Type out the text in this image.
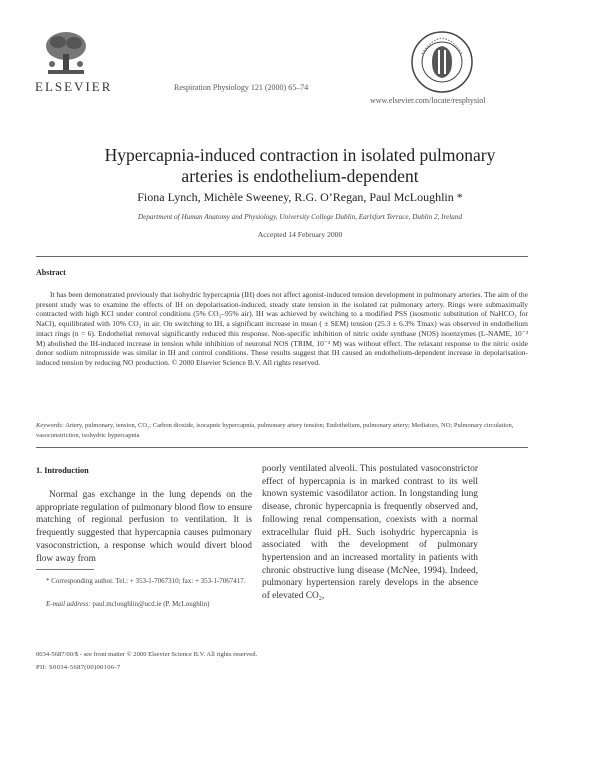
ELSEVIER	Respiration Physiology 121 (2000) 65–74
www.elsevier.com/locate/resphysiol
Hypercapnia-induced contraction in isolated pulmonary
arteries is endothelium-dependent
Fiona Lynch, Michèle Sweeney, R.G. O’Regan, Paul McLoughlin *
Department of Human Anatomy and Physiology, University College Dublin, Earlsfort Terrace, Dublin 2, Ireland
Accepted 14 February 2000
Abstract

It has been demonstrated previously that isohydric hypercapnia (IH) does not affect agonist-induced tension development in pulmonary arteries. The aim of the present study was to examine the effects of IH on depolarisation-induced, steady state tension in the isolated rat pulmonary artery. Rings were submaximally contracted with high KCl under control conditions (5% CO₂–95% air). IH was achieved by switching to a modified PSS (isosmotic substitution of NaHCO₃ for NaCl), equilibrated with 10% CO₂ in air. On switching to IH, a significant increase in mean ( ± SEM) tension (25.3 ± 6.3% Tmax) was observed in endothelium intact rings (n = 6). Endothelial removal significantly reduced this response. Non-specific inhibition of nitric oxide synthase (NOS) isoenzymes (L-NAME, 10⁻³ M) abolished the IH-induced increase in tension while inhibition of neuronal NOS (TRIM, 10⁻³ M) was without effect. The relaxant response to the nitric oxide donor sodium nitroprusside was similar in IH and control conditions. These results suggest that IH caused an endothelium-dependent increase in depolarisation-induced tension by reducing NO production. © 2000 Elsevier Science B.V. All rights reserved.

Keywords: Artery, pulmonary, tension, CO₂; Carbon dioxide, isocapnic hypercapnia, pulmonary artery tension; Endothelium, pulmonary artery; Mediators, NO; Pulmonary circulation, vasoconstriction, isohydric hypercapnia

1. Introduction

Normal gas exchange in the lung depends on the appropriate regulation of pulmonary blood flow to ensure matching of regional perfusion to ventilation. It is frequently suggested that hypercapnia causes pulmonary vasoconstriction, a response which would divert blood flow away from

poorly ventilated alveoli. This postulated vasoconstrictor effect of hypercapnia is in marked contrast to its well known systemic vasodilator action. In longstanding lung disease, chronic hypercapnia is frequently observed and, following renal compensation, coexists with a normal extracellular fluid pH. Such isohydric hypercapnia is associated with the development of pulmonary hypertension and an increased mortality in patients with chronic obstructive lung disease (McNee, 1994). Indeed, pulmonary hypertension rarely develops in the absence of elevated CO₂,

* Corresponding author. Tel.: + 353-1-7067310; fax: + 353-1-7067417.

E-mail address: paul.mcloughlin@ucd.ie (P. McLoughlin)

0034-5687/00/$ - see front matter © 2000 Elsevier Science B.V. All rights reserved.
PII: S0034-5687(00)00106-7
